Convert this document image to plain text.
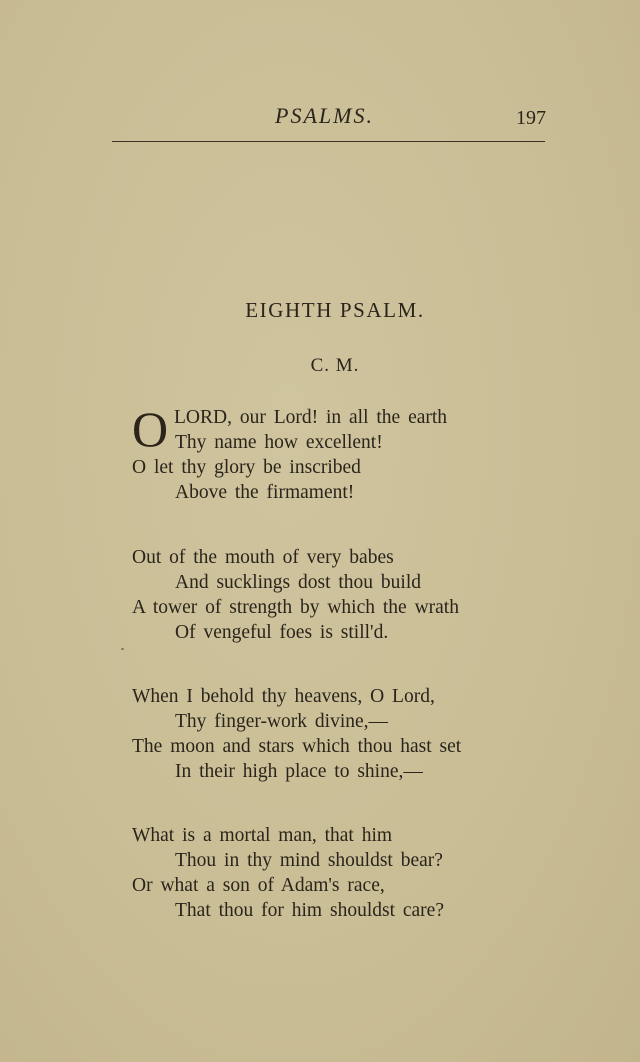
PSALMS.	197
EIGHTH PSALM.
C. M.
O LORD, our Lord! in all the earth
Thy name how excellent!
O let thy glory be inscribed
Above the firmament!
Out of the mouth of very babes
And sucklings dost thou build
A tower of strength by which the wrath
Of vengeful foes is still'd.
When I behold thy heavens, O Lord,
Thy finger-work divine,—
The moon and stars which thou hast set
In their high place to shine,—
What is a mortal man, that him
Thou in thy mind shouldst bear?
Or what a son of Adam's race,
That thou for him shouldst care?
